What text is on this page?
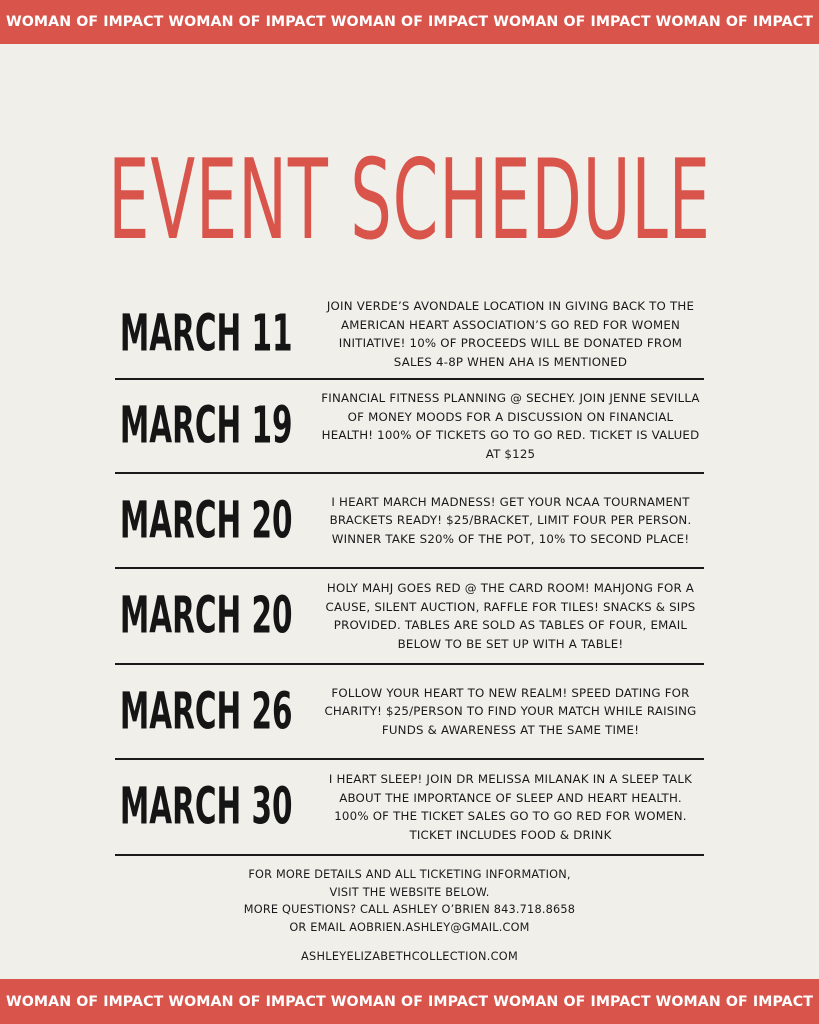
WOMAN OF IMPACT WOMAN OF IMPACT WOMAN OF IMPACT WOMAN OF IMPACT WOMAN OF IMPACT
EVENT SCHEDULE
MARCH 11	JOIN VERDE’S AVONDALE LOCATION IN GIVING BACK TO THE AMERICAN HEART ASSOCIATION’S GO RED FOR WOMEN INITIATIVE! 10% OF PROCEEDS WILL BE DONATED FROM SALES 4-8P WHEN AHA IS MENTIONED
MARCH 19 FINANCIAL FITNESS PLANNING @ SECHEY. JOIN JENNE SEVILLA OF MONEY MOODS FOR A DISCUSSION ON FINANCIAL HEALTH! 100% OF TICKETS GO TO GO RED. TICKET IS VALUED AT $125
MARCH 20	I HEART MARCH MADNESS! GET YOUR NCAA TOURNAMENT BRACKETS READY! $25/BRACKET, LIMIT FOUR PER PERSON. WINNER TAKE S20% OF THE POT, 10% TO SECOND PLACE!
MARCH 20	HOLY MAHJ GOES RED @ THE CARD ROOM! MAHJONG FOR A CAUSE, SILENT AUCTION, RAFFLE FOR TILES! SNACKS & SIPS PROVIDED. TABLES ARE SOLD AS TABLES OF FOUR, EMAIL BELOW TO BE SET UP WITH A TABLE!
MARCH 26	FOLLOW YOUR HEART TO NEW REALM! SPEED DATING FOR CHARITY! $25/PERSON TO FIND YOUR MATCH WHILE RAISING FUNDS & AWARENESS AT THE SAME TIME!
MARCH 30	I HEART SLEEP! JOIN DR MELISSA MILANAK IN A SLEEP TALK ABOUT THE IMPORTANCE OF SLEEP AND HEART HEALTH. 100% OF THE TICKET SALES GO TO GO RED FOR WOMEN. TICKET INCLUDES FOOD & DRINK
FOR MORE DETAILS AND ALL TICKETING INFORMATION,
VISIT THE WEBSITE BELOW.
MORE QUESTIONS? CALL ASHLEY O’BRIEN 843.718.8658
OR EMAIL AOBRIEN.ASHLEY@GMAIL.COM
ASHLEYELIZABETHCOLLECTION.COM
WOMAN OF IMPACT WOMAN OF IMPACT WOMAN OF IMPACT WOMAN OF IMPACT WOMAN OF IMPACT
